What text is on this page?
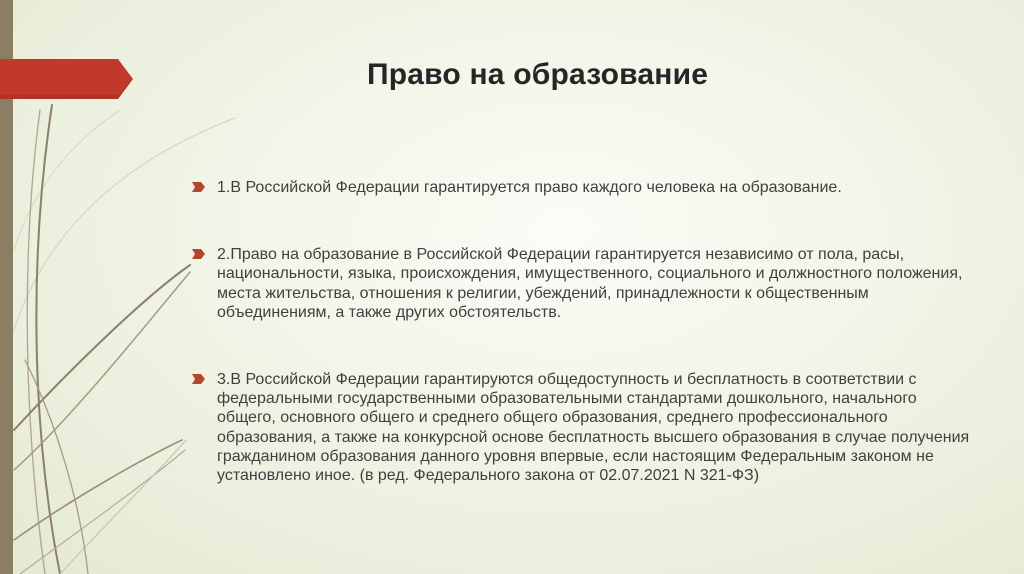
Право на образование
1.В Российской Федерации гарантируется право каждого человека на образование.
2.Право на образование в Российской Федерации гарантируется независимо от пола, расы, национальности, языка, происхождения, имущественного, социального и должностного положения, места жительства, отношения к религии, убеждений, принадлежности к общественным объединениям, а также других обстоятельств.
3.В Российской Федерации гарантируются общедоступность и бесплатность в соответствии с федеральными государственными образовательными стандартами дошкольного, начального общего, основного общего и среднего общего образования, среднего профессионального образования, а также на конкурсной основе бесплатность высшего образования в случае получения гражданином образования данного уровня впервые, если настоящим Федеральным законом не установлено иное. (в ред. Федерального закона от 02.07.2021 N 321-ФЗ)
